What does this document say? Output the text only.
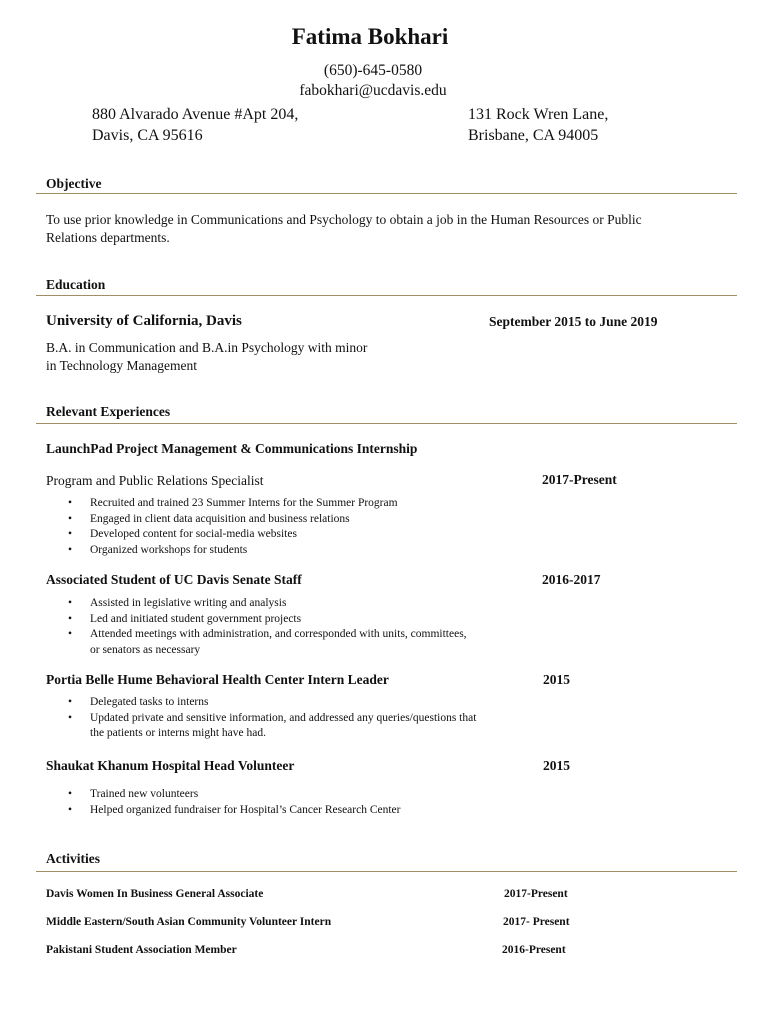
Fatima Bokhari
(650)-645-0580
fabokhari@ucdavis.edu
880 Alvarado Avenue #Apt 204,
Davis, CA 95616
131 Rock Wren Lane,
Brisbane, CA 94005
Objective
To use prior knowledge in Communications and Psychology to obtain a job in the Human Resources or Public
Relations departments.
Education
University of California, Davis	September 2015 to June 2019
B.A. in Communication and B.A.in Psychology with minor
in Technology Management
Relevant Experiences
LaunchPad Project Management & Communications Internship
Program and Public Relations Specialist	2017-Present
• Recruited and trained 23 Summer Interns for the Summer Program
• Engaged in client data acquisition and business relations
• Developed content for social-media websites
• Organized workshops for students
Associated Student of UC Davis Senate Staff	2016-2017
• Assisted in legislative writing and analysis
• Led and initiated student government projects
• Attended meetings with administration, and corresponded with units, committees,
or senators as necessary
Portia Belle Hume Behavioral Health Center Intern Leader	2015
• Delegated tasks to interns
• Updated private and sensitive information, and addressed any queries/questions that
the patients or interns might have had.
Shaukat Khanum Hospital Head Volunteer	2015
• Trained new volunteers
• Helped organized fundraiser for Hospital’s Cancer Research Center
Activities
Davis Women In Business General Associate	2017-Present
Middle Eastern/South Asian Community Volunteer Intern	2017- Present
Pakistani Student Association Member	2016-Present
